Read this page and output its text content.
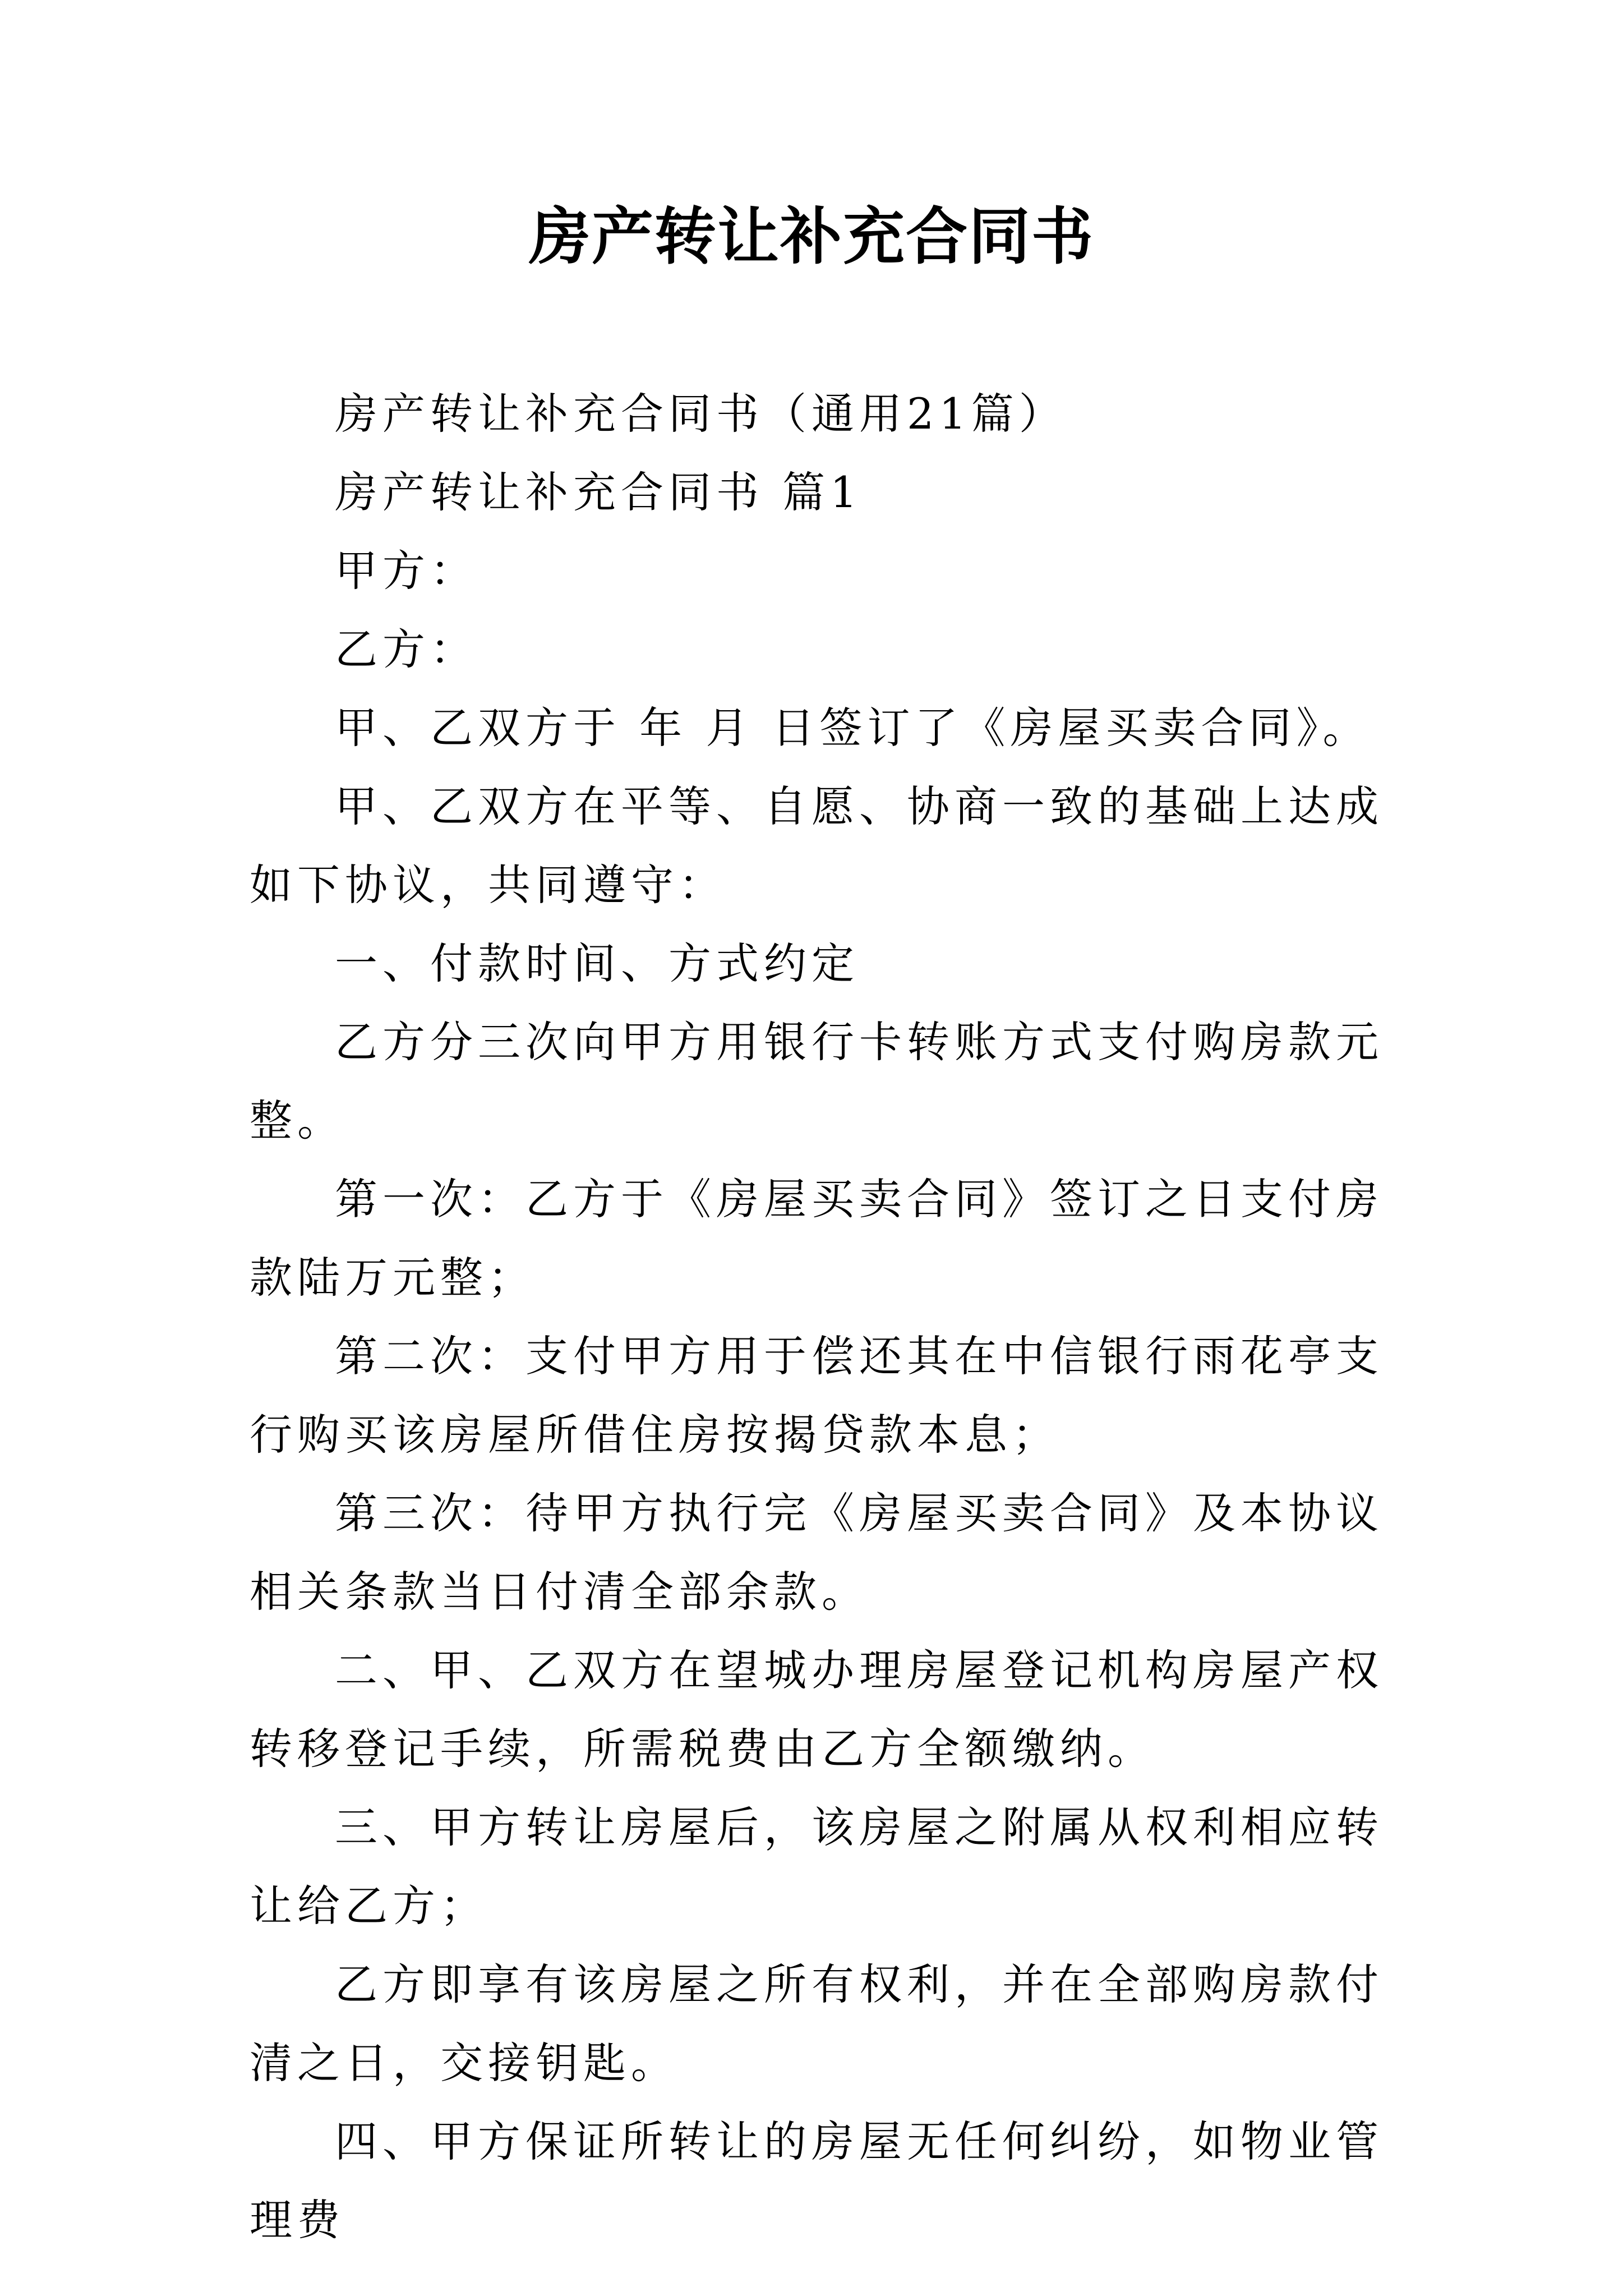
房产转让补充合同书

房产转让补充合同书（通用21篇）

房产转让补充合同书 篇1

甲方：

乙方：

甲、乙双方于 年 月 日签订了《房屋买卖合同》。

甲、乙双方在平等、自愿、协商一致的基础上达成如下协议，共同遵守：

一、付款时间、方式约定

乙方分三次向甲方用银行卡转账方式支付购房款元整。

第一次：乙方于《房屋买卖合同》签订之日支付房款陆万元整；

第二次：支付甲方用于偿还其在中信银行雨花亭支行购买该房屋所借住房按揭贷款本息；

第三次：待甲方执行完《房屋买卖合同》及本协议相关条款当日付清全部余款。

二、甲、乙双方在望城办理房屋登记机构房屋产权转移登记手续，所需税费由乙方全额缴纳。

三、甲方转让房屋后，该房屋之附属从权利相应转让给乙方；

乙方即享有该房屋之所有权利，并在全部购房款付清之日，交接钥匙。

四、甲方保证所转让的房屋无任何纠纷，如物业管理费
